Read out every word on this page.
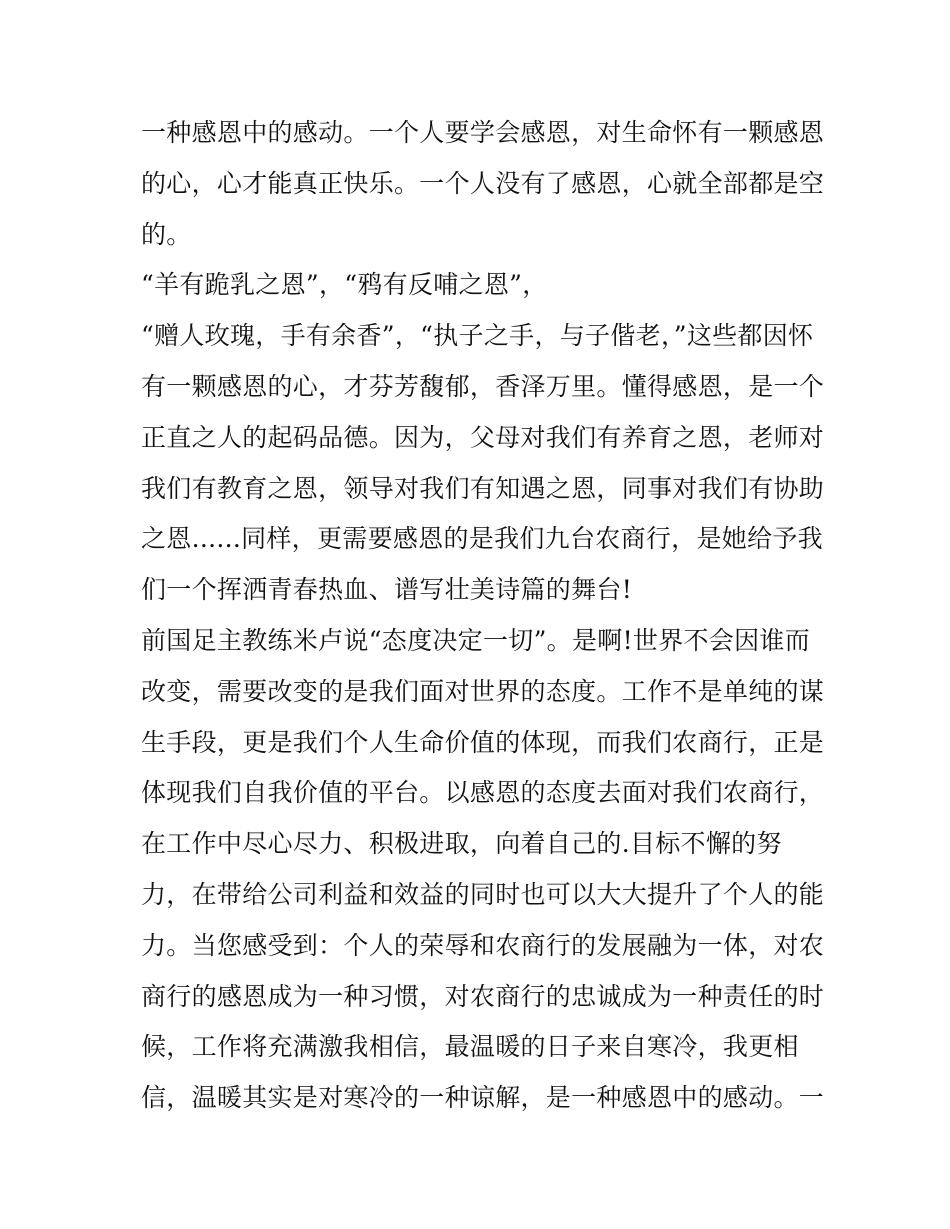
一种感恩中的感动。一个人要学会感恩，对生命怀有一颗感恩
的心，心才能真正快乐。一个人没有了感恩，心就全部都是空
的。
“羊有跪乳之恩”，“鸦有反哺之恩”，
“赠人玫瑰，手有余香”，“执子之手，与子偕老，”这些都因怀
有一颗感恩的心，才芬芳馥郁，香泽万里。懂得感恩，是一个
正直之人的起码品德。因为，父母对我们有养育之恩，老师对
我们有教育之恩，领导对我们有知遇之恩，同事对我们有协助
之恩......同样，更需要感恩的是我们九台农商行，是她给予我
们一个挥洒青春热血、谱写壮美诗篇的舞台!
前国足主教练米卢说“态度决定一切”。是啊!世界不会因谁而
改变，需要改变的是我们面对世界的态度。工作不是单纯的谋
生手段，更是我们个人生命价值的体现，而我们农商行，正是
体现我们自我价值的平台。以感恩的态度去面对我们农商行，
在工作中尽心尽力、积极进取，向着自己的.目标不懈的努
力，在带给公司利益和效益的同时也可以大大提升了个人的能
力。当您感受到：个人的荣辱和农商行的发展融为一体，对农
商行的感恩成为一种习惯，对农商行的忠诚成为一种责任的时
候，工作将充满激我相信，最温暖的日子来自寒冷，我更相
信，温暖其实是对寒冷的一种谅解，是一种感恩中的感动。一
